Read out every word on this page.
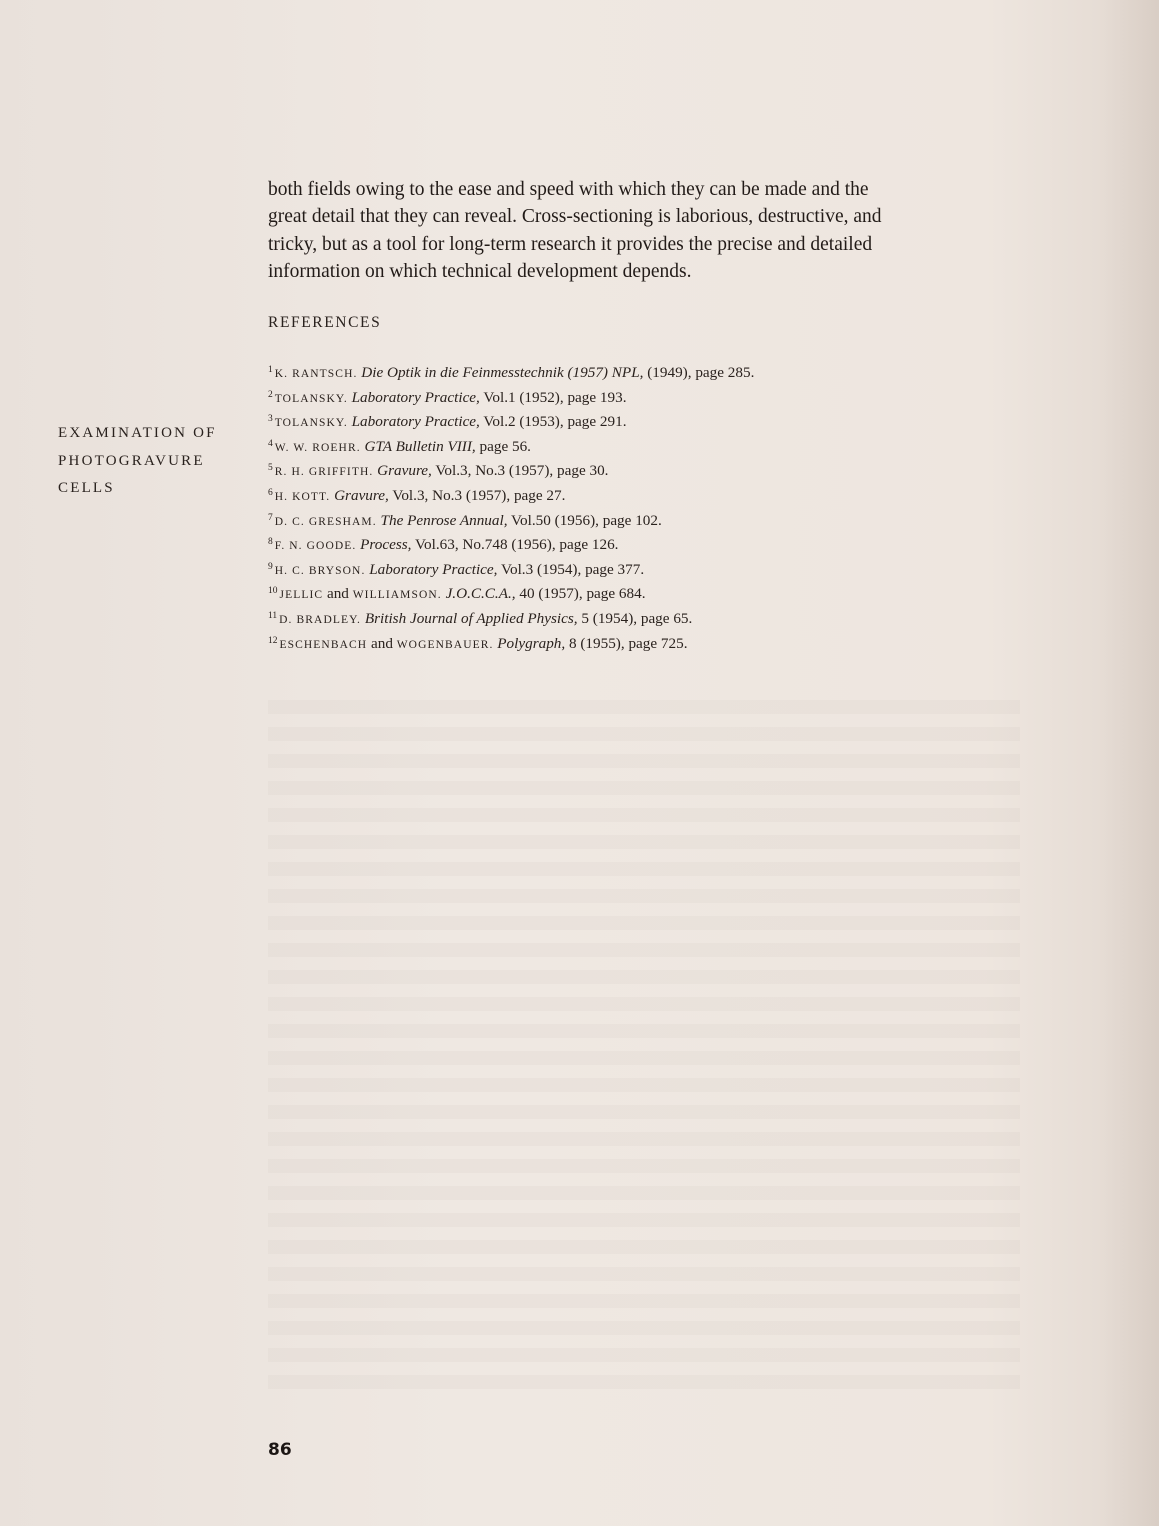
EXAMINATION OF
PHOTOGRAVURE
CELLS
both fields owing to the ease and speed with which they can be made and the
great detail that they can reveal. Cross-sectioning is laborious, destructive, and
tricky, but as a tool for long-term research it provides the precise and detailed
information on which technical development depends.
REFERENCES
$^1$ K. RANTSCH. Die Optik in die Feinmesstechnik (1957) NPL, (1949), page 285.
$^2$ TOLANSKY. Laboratory Practice, Vol.1 (1952), page 193.
$^3$ TOLANSKY. Laboratory Practice, Vol.2 (1953), page 291.
$^4$ W. W. ROEHR. GTA Bulletin VIII, page 56.
$^5$ R. H. GRIFFITH. Gravure, Vol.3, No.3 (1957), page 30.
$^6$ H. KOTT. Gravure, Vol.3, No.3 (1957), page 27.
$^7$ D. C. GRESHAM. The Penrose Annual, Vol.50 (1956), page 102.
$^8$ F. N. GOODE. Process, Vol.63, No.748 (1956), page 126.
$^9$ H. C. BRYSON. Laboratory Practice, Vol.3 (1954), page 377.
$^{10}$ JELLIC and WILLIAMSON. J.O.C.C.A., 40 (1957), page 684.
$^{11}$ D. BRADLEY. British Journal of Applied Physics, 5 (1954), page 65.
$^{12}$ ESCHENBACH and WOGENBAUER. Polygraph, 8 (1955), page 725.
86
